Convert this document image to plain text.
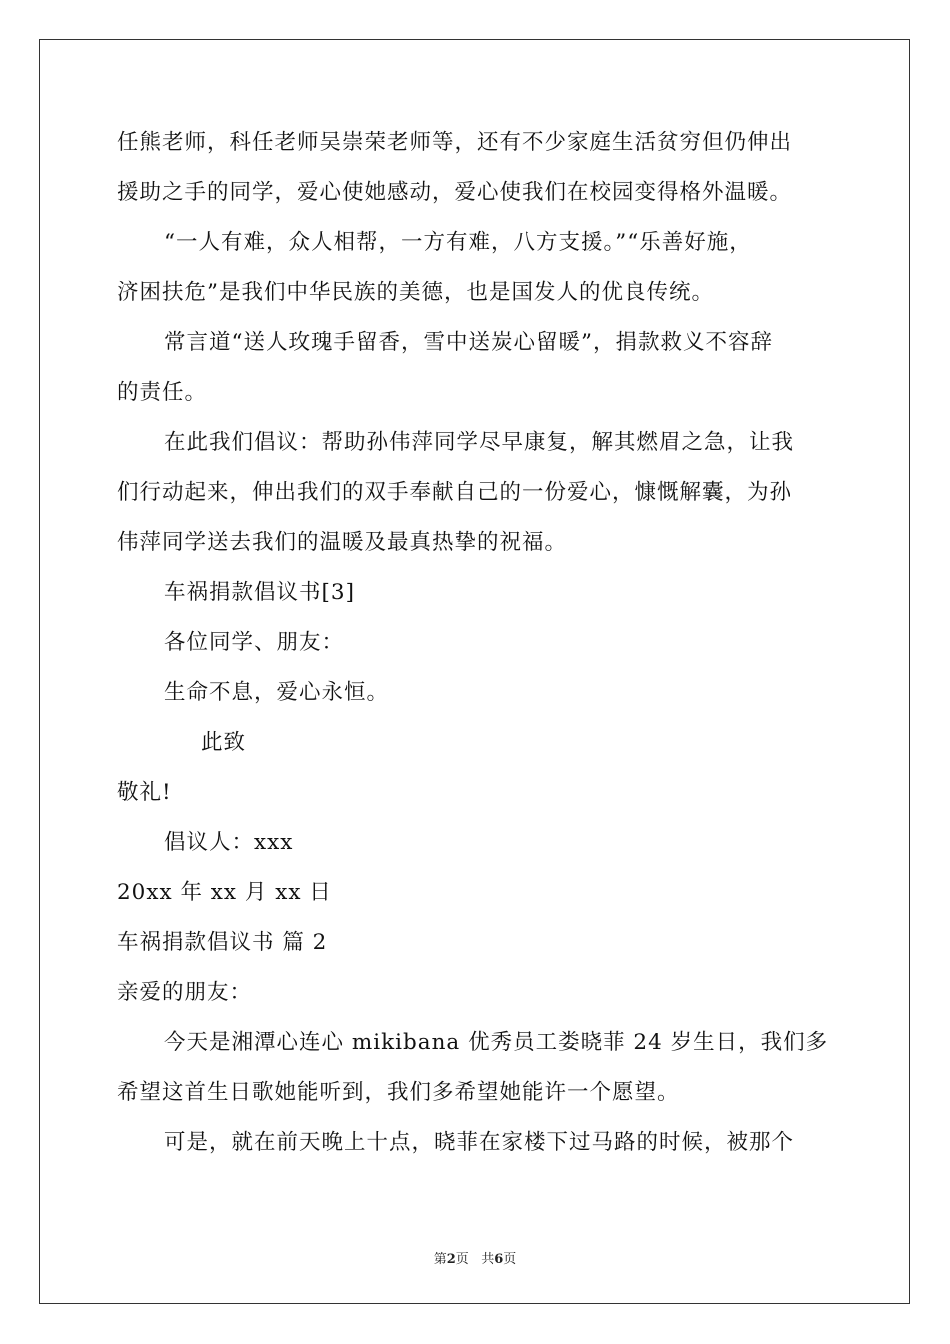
任熊老师，科任老师吴崇荣老师等，还有不少家庭生活贫穷但仍伸出
援助之手的同学，爱心使她感动，爱心使我们在校园变得格外温暖。
“一人有难，众人相帮，一方有难，八方支援。”“乐善好施，
济困扶危”是我们中华民族的美德，也是国发人的优良传统。
常言道“送人玫瑰手留香，雪中送炭心留暖”，捐款救义不容辞
的责任。
在此我们倡议：帮助孙伟萍同学尽早康复，解其燃眉之急，让我
们行动起来，伸出我们的双手奉献自己的一份爱心，慷慨解囊，为孙
伟萍同学送去我们的温暖及最真热挚的祝福。
车祸捐款倡议书[3]
各位同学、朋友：
生命不息，爱心永恒。
此致
敬礼!
倡议人：xxx
20xx 年 xx 月 xx 日
车祸捐款倡议书 篇 2
亲爱的朋友：
今天是湘潭心连心 mikibana 优秀员工娄晓菲 24 岁生日，我们多
希望这首生日歌她能听到，我们多希望她能许一个愿望。
可是，就在前天晚上十点，晓菲在家楼下过马路的时候，被那个
第2页 共6页
